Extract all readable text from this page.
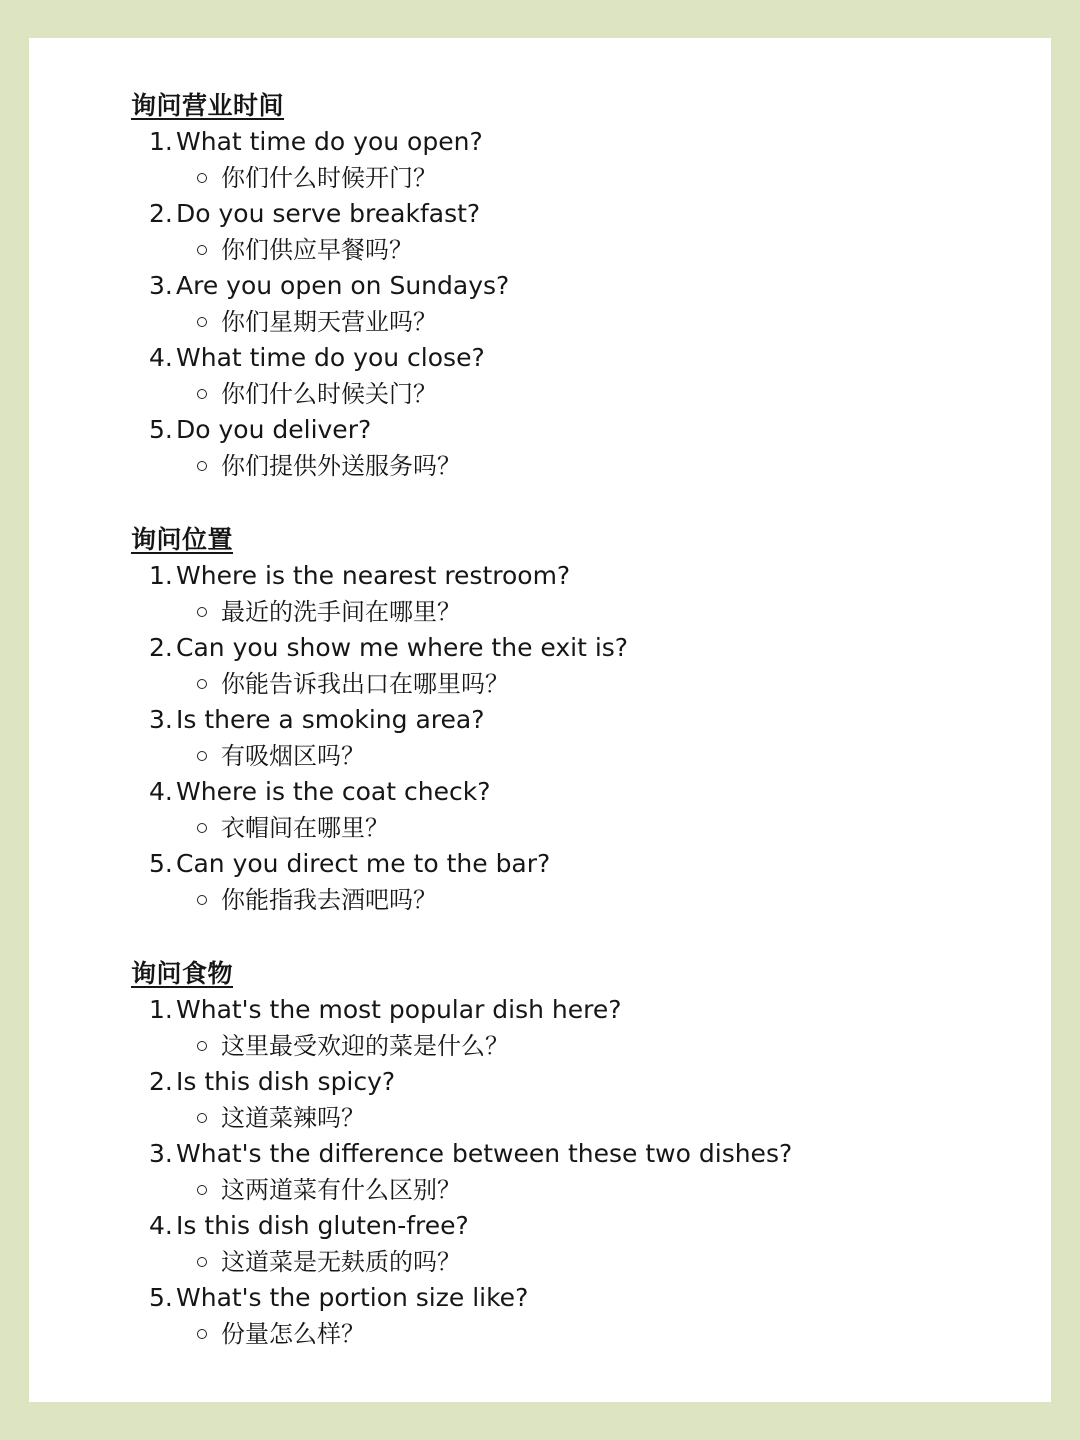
询问营业时间
1. What time do you open?
你们什么时候开门？
2. Do you serve breakfast?
你们供应早餐吗？
3. Are you open on Sundays?
你们星期天营业吗？
4. What time do you close?
你们什么时候关门？
5. Do you deliver?
你们提供外送服务吗？
询问位置
1. Where is the nearest restroom?
最近的洗手间在哪里？
2. Can you show me where the exit is?
你能告诉我出口在哪里吗？
3. Is there a smoking area?
有吸烟区吗？
4. Where is the coat check?
衣帽间在哪里？
5. Can you direct me to the bar?
你能指我去酒吧吗？
询问食物
1. What's the most popular dish here?
这里最受欢迎的菜是什么？
2. Is this dish spicy?
这道菜辣吗？
3. What's the difference between these two dishes?
这两道菜有什么区别？
4. Is this dish gluten-free?
这道菜是无麸质的吗？
5. What's the portion size like?
份量怎么样？
